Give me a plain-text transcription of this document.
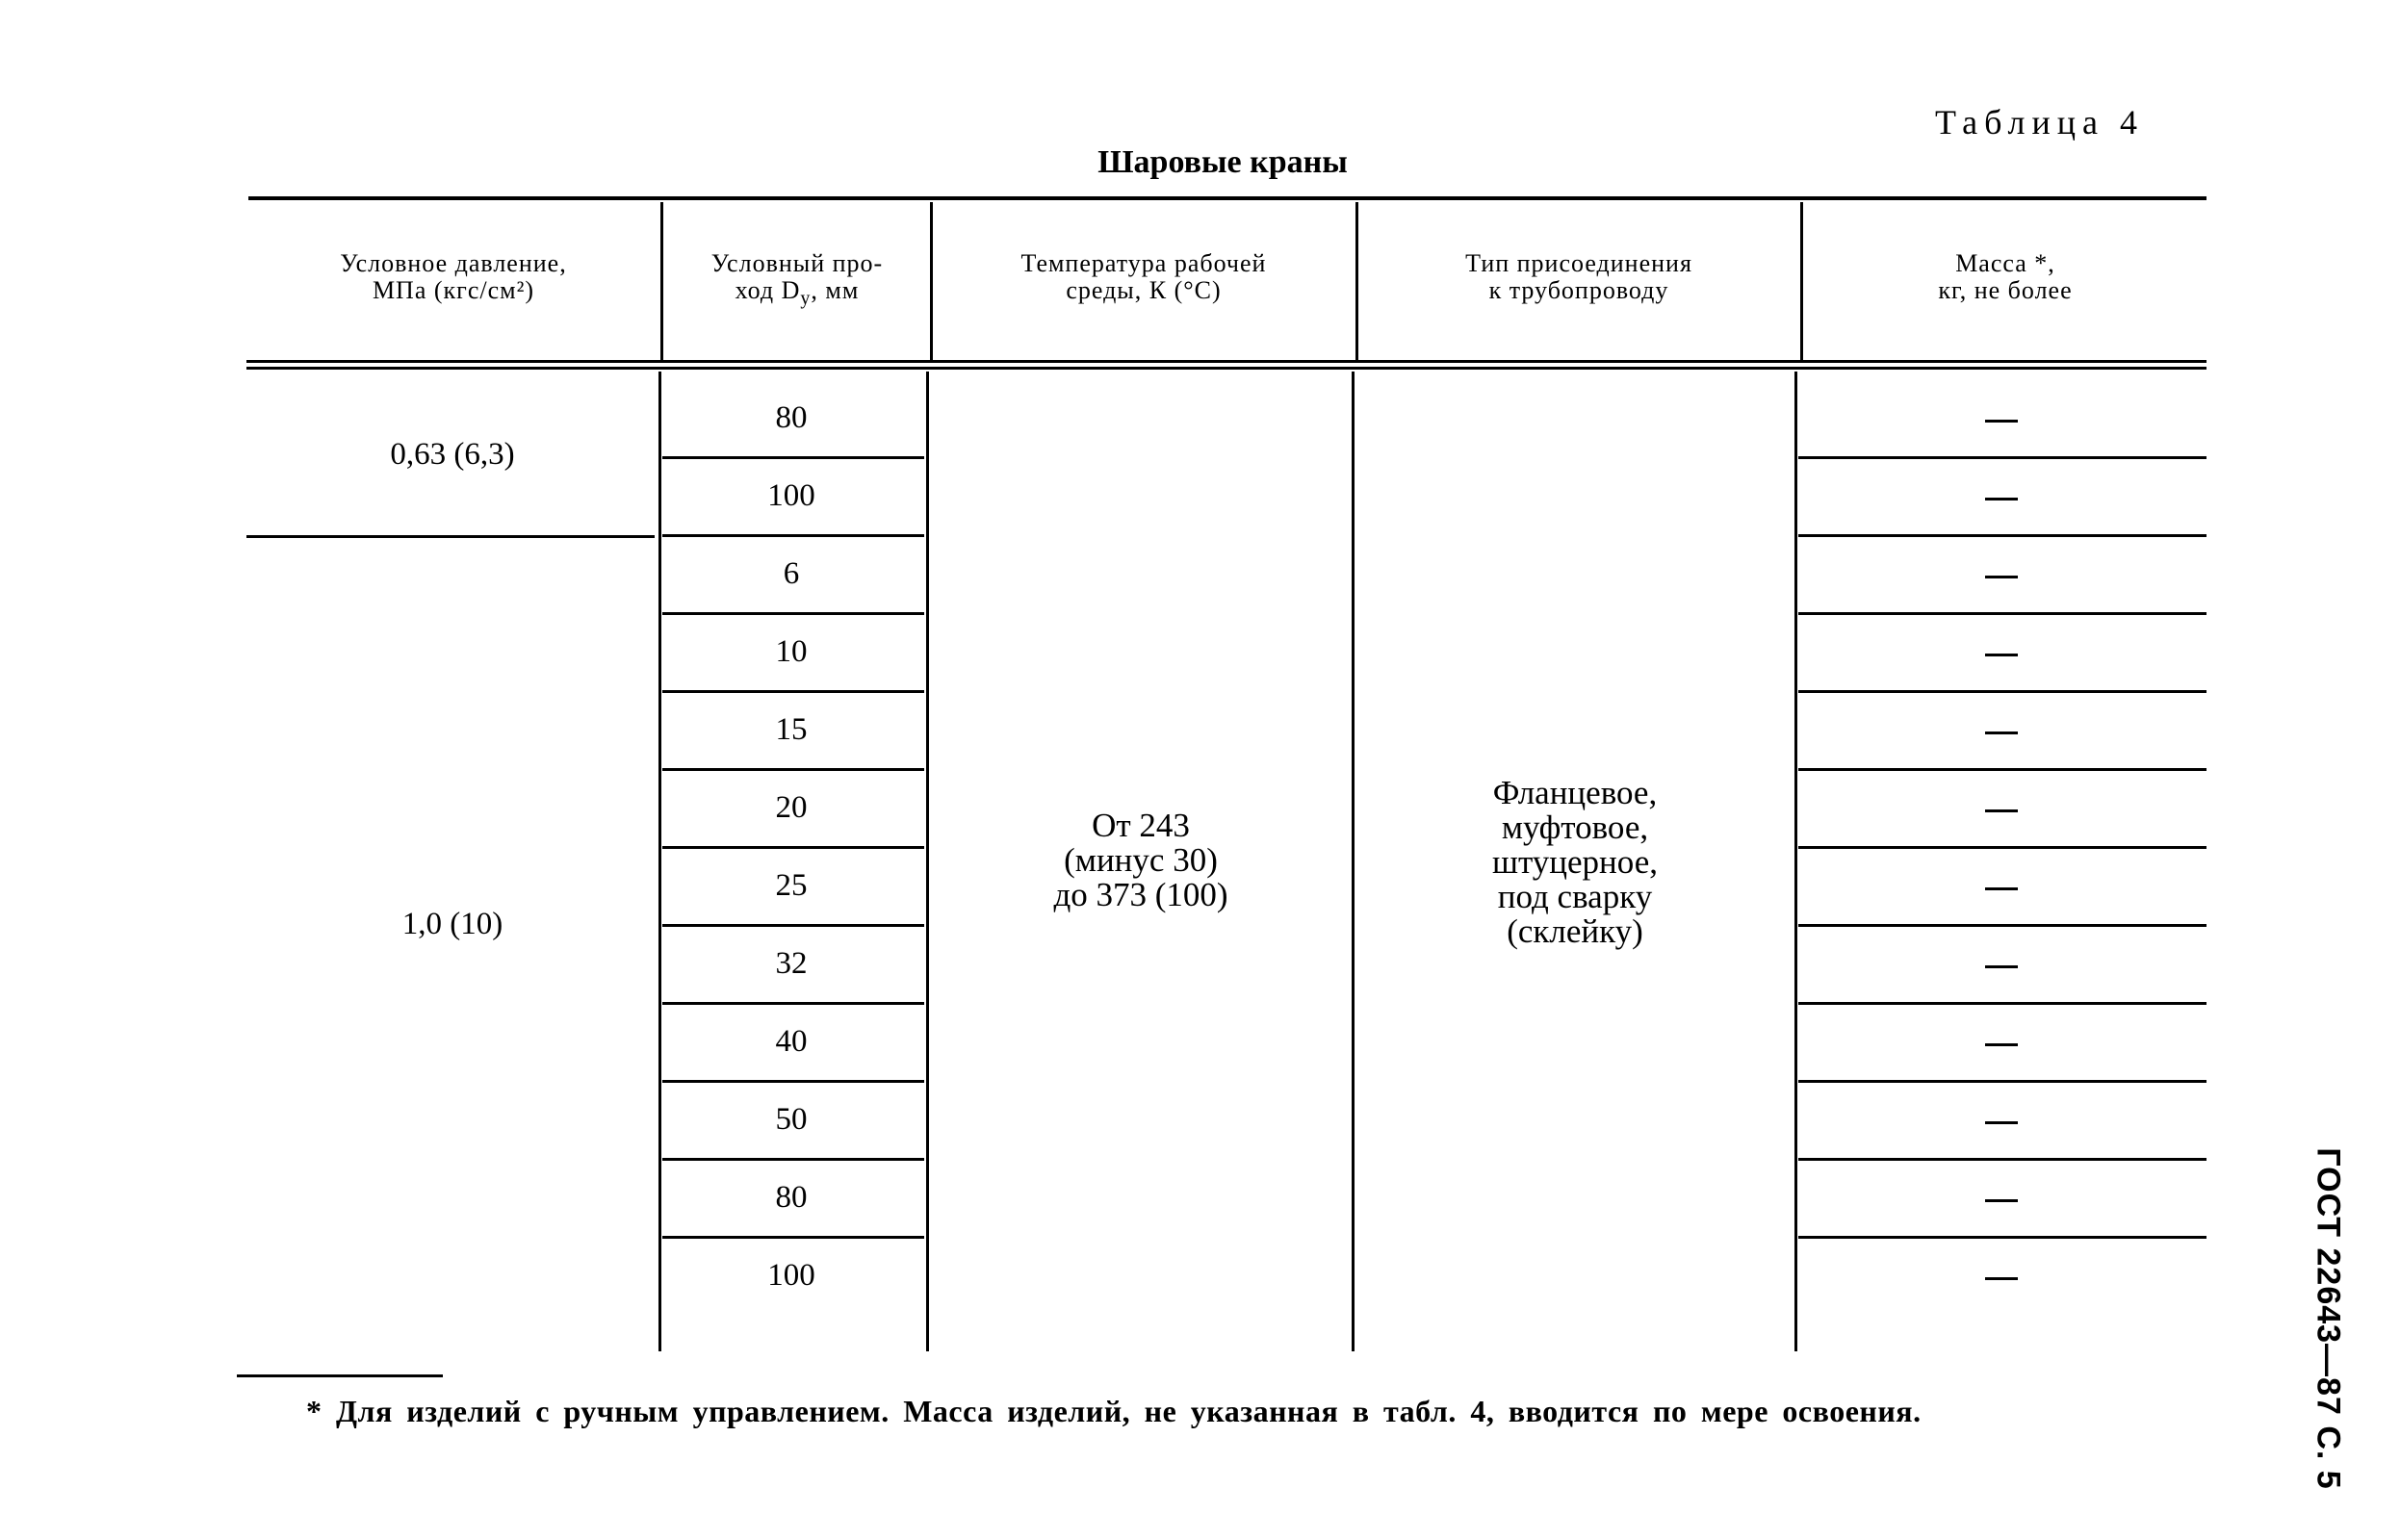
Таблица 4
Шаровые краны
Условное давление,
МПа (кгс/см²)
Условный про-
ход $D_у$, мм
Температура рабочей
среды, К (°С)
Тип присоединения
к трубопроводу
Масса *,
кг, не более
0,63 (6,3)
1,0 (10)
80
100
6
10
15
20
25
32
40
50
80
100
От 243
(минус 30)
до 373 (100)
Фланцевое,
муфтовое,
штуцерное,
под сварку
(склейку)
* Для изделий с ручным управлением. Масса изделий, не указанная в табл. 4, вводится по мере освоения.	ГОСТ 22643—87 С. 5
